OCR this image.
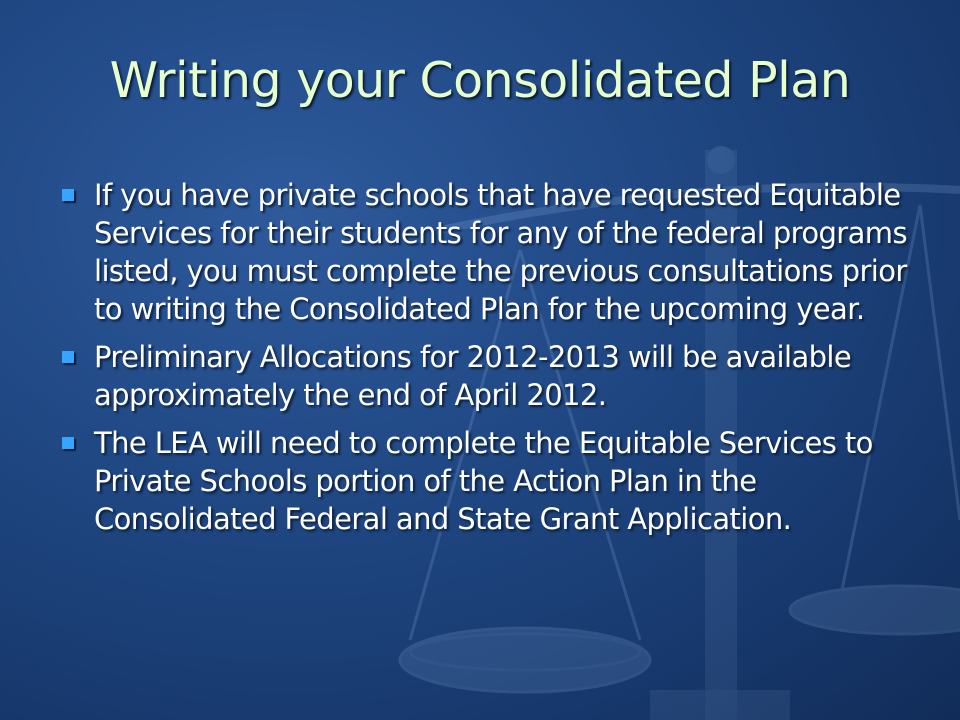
Writing your Consolidated Plan
If you have private schools that have requested Equitable Services for their students for any of the federal programs listed, you must complete the previous consultations prior to writing the Consolidated Plan for the upcoming year.
Preliminary Allocations for 2012-2013 will be available approximately the end of April 2012.
The LEA will need to complete the Equitable Services to Private Schools portion of the Action Plan in the Consolidated Federal and State Grant Application.
